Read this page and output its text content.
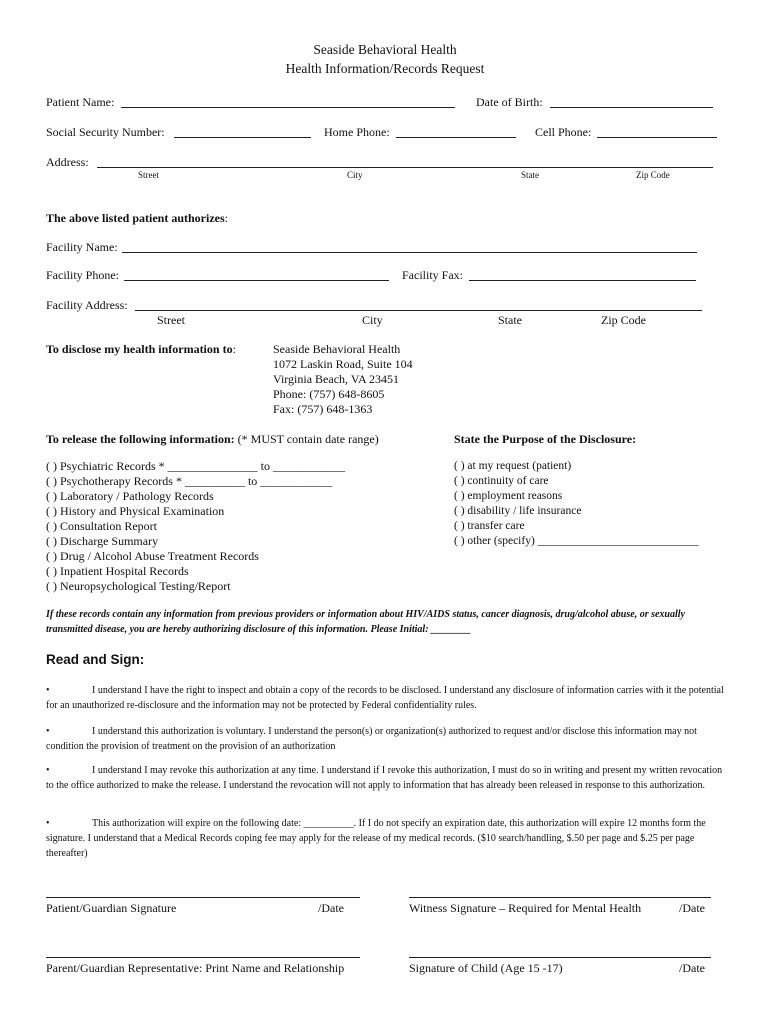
Seaside Behavioral Health
Health Information/Records Request
Patient Name:	Date of Birth:
Social Security Number:	Home Phone:	Cell Phone:
Address:
Street	City	State	Zip Code
The above listed patient authorizes:
Facility Name:
Facility Phone:	Facility Fax:
Facility Address:
Street	City	State	Zip Code
To disclose my health information to:	Seaside Behavioral Health
1072 Laskin Road, Suite 104
Virginia Beach, VA 23451
Phone: (757) 648-8605
Fax: (757) 648-1363
To release the following information: (* MUST contain date range)
( ) Psychiatric Records * _______________ to ____________
( ) Psychotherapy Records * __________ to ____________
( ) Laboratory / Pathology Records
( ) History and Physical Examination
( ) Consultation Report
( ) Discharge Summary
( ) Drug / Alcohol Abuse Treatment Records
( ) Inpatient Hospital Records
( ) Neuropsychological Testing/Report
State the Purpose of the Disclosure:
( ) at my request (patient)
( ) continuity of care
( ) employment reasons
( ) disability / life insurance
( ) transfer care
( ) other (specify) ____________________________
If these records contain any information from previous providers or information about HIV/AIDS status, cancer diagnosis, drug/alcohol abuse, or sexually transmitted disease, you are hereby authorizing disclosure of this information. Please Initial: ________
Read and Sign:
•	I understand I have the right to inspect and obtain a copy of the records to be disclosed. I understand any disclosure of information carries with it the potential for an unauthorized re-disclosure and the information may not be protected by Federal confidentiality rules.
•	I understand this authorization is voluntary. I understand the person(s) or organization(s) authorized to request and/or disclose this information may not condition the provision of treatment on the provision of an authorization
•	I understand I may revoke this authorization at any time. I understand if I revoke this authorization, I must do so in writing and present my written revocation to the office authorized to make the release. I understand the revocation will not apply to information that has already been released in response to this authorization.
•	This authorization will expire on the following date: __________. If I do not specify an expiration date, this authorization will expire 12 months form the signature. I understand that a Medical Records coping fee may apply for the release of my medical records. ($10 search/handling, $.50 per page and $.25 per page thereafter)
Patient/Guardian Signature	/Date	Witness Signature – Required for Mental Health	/Date
Parent/Guardian Representative: Print Name and Relationship	Signature of Child (Age 15 -17)	/Date
